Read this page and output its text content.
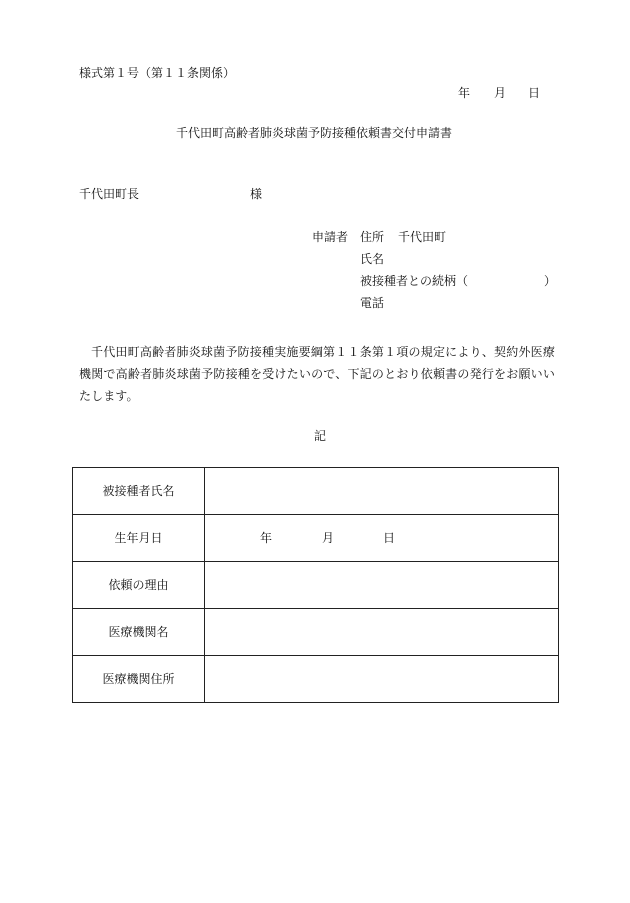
様式第１号（第１１条関係）
年 月 日
千代田町高齢者肺炎球菌予防接種依頼書交付申請書
千代田町長	様
申請者 住所 千代田町
氏名
被接種者との続柄（	）
電話
千代田町高齢者肺炎球菌予防接種実施要綱第１１条第１項の規定により、契約外医療機関で高齢者肺炎球菌予防接種を受けたいので、下記のとおり依頼書の発行をお願いいたします。
記
被接種者氏名	
生年月日	年 月 日

依頼の理由	
医療機関名	
医療機関住所	
